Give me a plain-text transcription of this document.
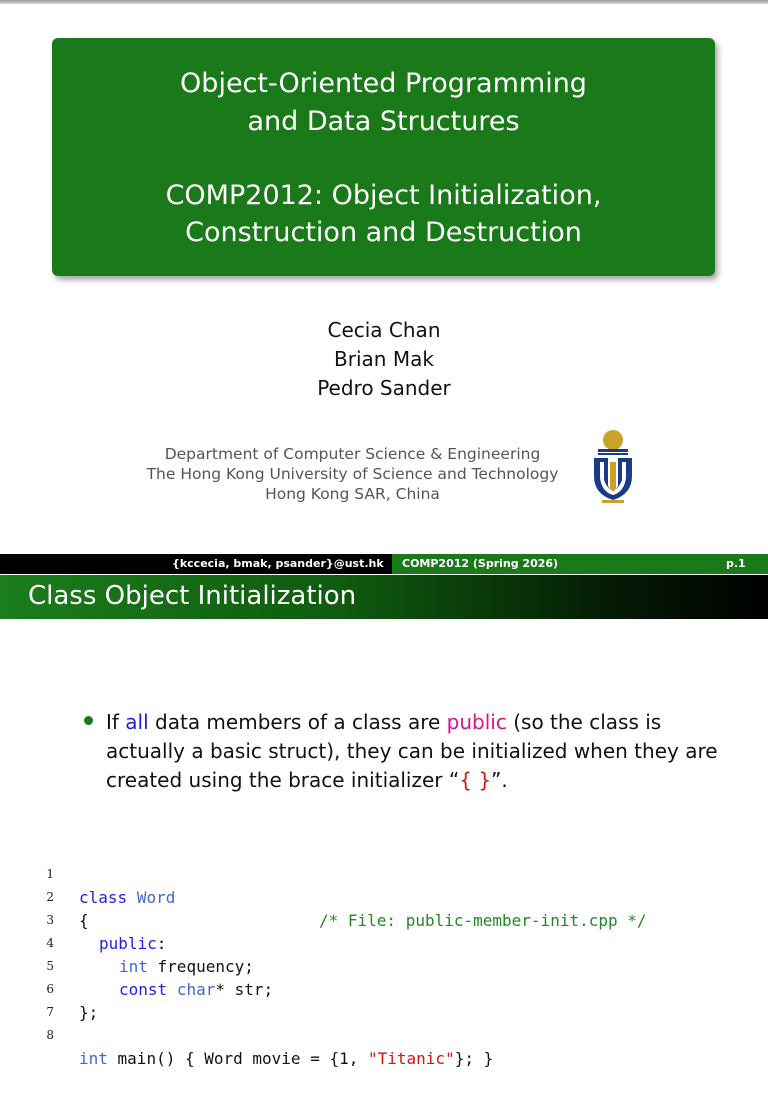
Object-Oriented Programming
and Data Structures
COMP2012: Object Initialization,
Construction and Destruction
Cecia Chan
Brian Mak
Pedro Sander
Department of Computer Science & Engineering
The Hong Kong University of Science and Technology
Hong Kong SAR, China
{kccecia, bmak, psander}@ust.hk COMP2012 (Spring 2026)	p.1
Class Object Initialization
If all data members of a class are public (so the class is actually a basic struct), they can be initialized when they are created using the brace initializer “{ }”.

1

class Word

/* File: public-member-init.cpp */

2

{

3

public:

4

int frequency;

5

const char* str;

6

};

7

8

int main() { Word movie = {1, "Titanic"}; }
